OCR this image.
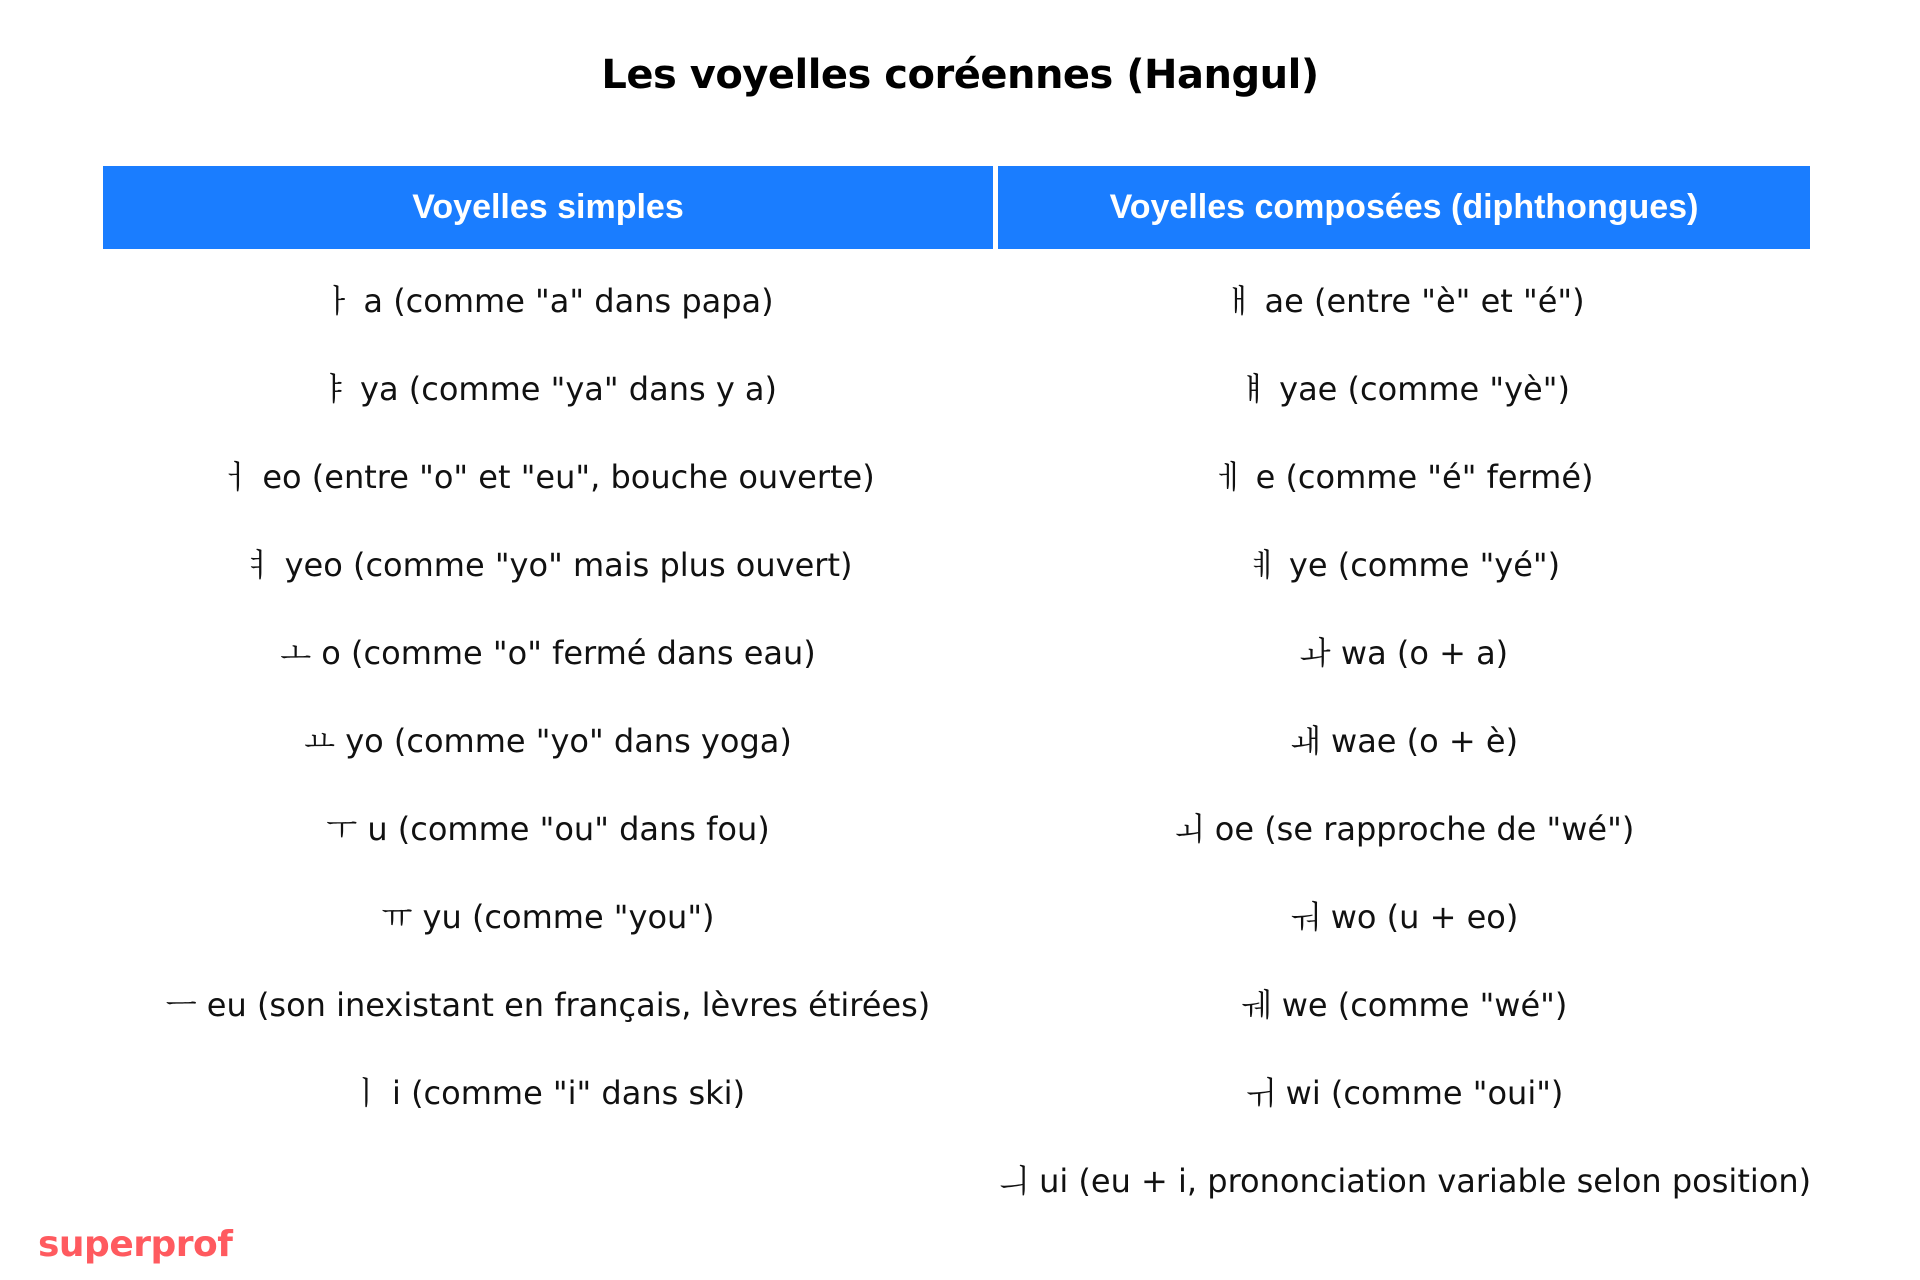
Les voyelles coréennes (Hangul)
Voyelles simples	Voyelles composées (diphthongues)
ㅏ a (comme "a" dans papa)	ㅐ ae (entre "è" et "é")
ㅑ ya (comme "ya" dans y a)	ㅒ yae (comme "yè")
ㅓ eo (entre "o" et "eu", bouche ouverte)	ㅔ e (comme "é" fermé)
ㅕ yeo (comme "yo" mais plus ouvert)	ㅖ ye (comme "yé")
ㅗ o (comme "o" fermé dans eau)	ㅘ wa (o + a)
ㅛ yo (comme "yo" dans yoga)	ㅙ wae (o + è)
ㅜ u (comme "ou" dans fou)	ㅚ oe (se rapproche de "wé")
ㅠ yu (comme "you")	ㅝ wo (u + eo)
ㅡ eu (son inexistant en français, lèvres étirées)	ㅞ we (comme "wé")
ㅣ i (comme "i" dans ski)	ㅟ wi (comme "oui")
	ㅢ ui (eu + i, prononciation variable selon position)
superprof
